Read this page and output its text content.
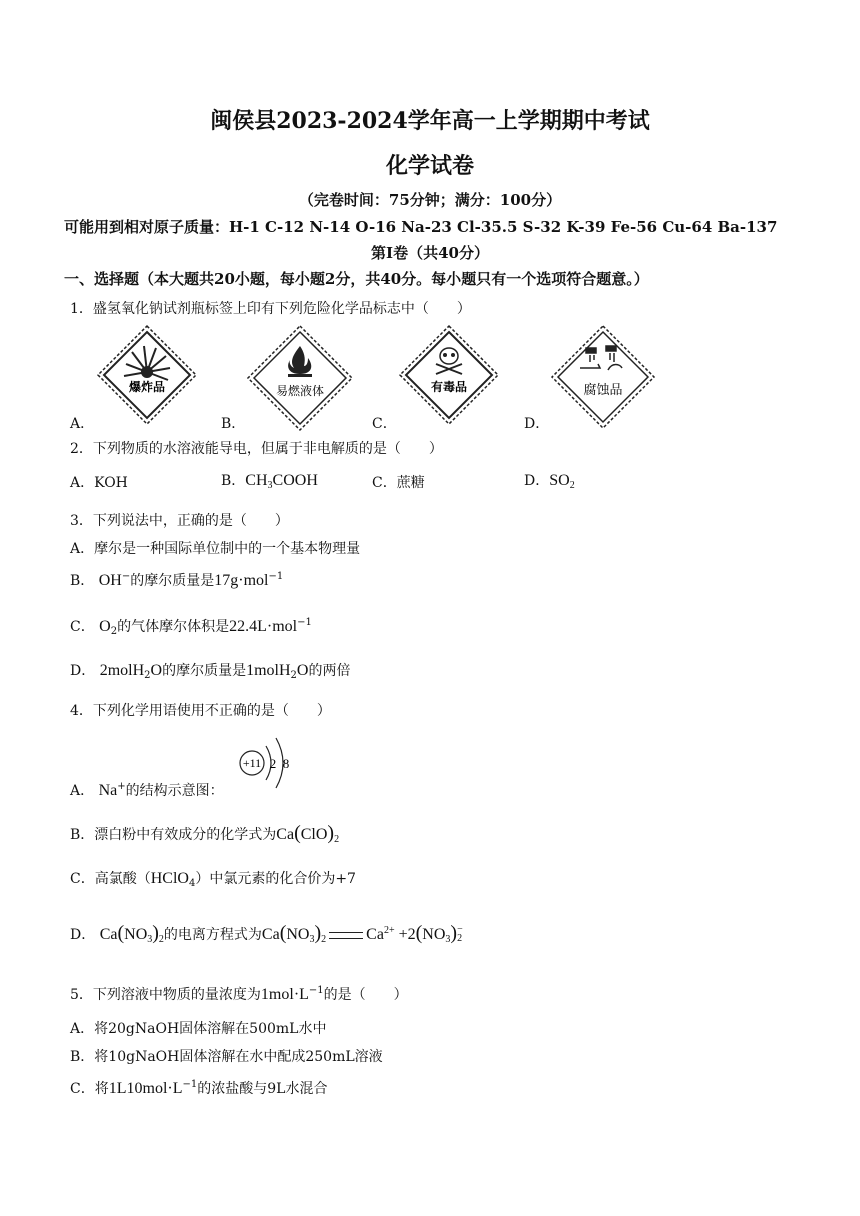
闽侯县2023-2024学年高一上学期期中考试
化学试卷
（完卷时间：75分钟；满分：100分）
可能用到相对原子质量：H-1 C-12 N-14 O-16 Na-23 Cl-35.5 S-32 K-39 Fe-56 Cu-64 Ba-137
第Ⅰ卷（共40分）
一、选择题（本大题共20小题，每小题2分，共40分。每小题只有一个选项符合题意。）
1．盛氢氧化钠试剂瓶标签上印有下列危险化学品标志中（　　）
爆炸品	易燃液体	有毒品	腐蚀品
A．	B．	C．	D．
2．下列物质的水溶液能导电，但属于非电解质的是（　　）
A．KOH	B．$CH_3COOH$	C．蔗糖	D．$SO_2$
3．下列说法中，正确的是（　　）
A．摩尔是一种国际单位制中的一个基本物理量
B． OH−的摩尔质量是17g·mol$^{-1}$
C． $O_2$的气体摩尔体积是22.4L·mol$^{-1}$
D． 2molH$_2$O的摩尔质量是1molH$_2$O的两倍
4．下列化学用语使用不正确的是（　　）
+11 2 8
A． Na+的结构示意图：
B．漂白粉中有效成分的化学式为$Ca(ClO)_2$
C．高氯酸（HClO$_4$）中氯元素的化合价为+7
D． $Ca(NO_3)_2$的电离方程式为$Ca(NO_3)_2$	$Ca^{2+} +2(NO_3)$ −
2
5．下列溶液中物质的量浓度为$1mol\cdot L^{-1}$的是（　　）
A．将20gNaOH固体溶解在500mL水中
B．将10gNaOH固体溶解在水中配成250mL溶液
C．将$1L10mol\cdot L^{-1}$的浓盐酸与9L水混合
